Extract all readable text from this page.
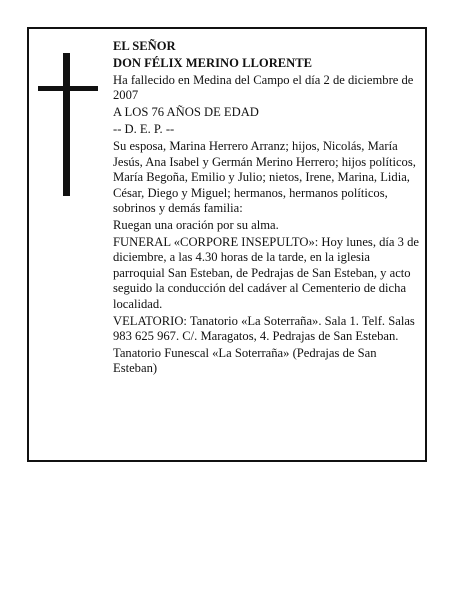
EL SEÑOR

DON FÉLIX MERINO LLORENTE

Ha fallecido en Medina del Campo el día 2 de diciembre de 2007

A LOS 76 AÑOS DE EDAD

-- D. E. P. --

Su esposa, Marina Herrero Arranz; hijos, Nicolás, María Jesús, Ana Isabel y Germán Merino Herrero; hijos políticos, María Begoña, Emilio y Julio; nietos, Irene, Marina, Lidia, César, Diego y Miguel; hermanos, hermanos políticos, sobrinos y demás familia:

Ruegan una oración por su alma.

FUNERAL «CORPORE INSEPULTO»: Hoy lunes, día 3 de diciembre, a las 4.30 horas de la tarde, en la iglesia parroquial San Esteban, de Pedrajas de San Esteban, y acto seguido la conducción del cadáver al Cementerio de dicha localidad.

VELATORIO: Tanatorio «La Soterraña». Sala 1. Telf. Salas 983 625 967. C/. Maragatos, 4. Pedrajas de San Esteban.

Tanatorio Funescal «La Soterraña» (Pedrajas de San Esteban)
